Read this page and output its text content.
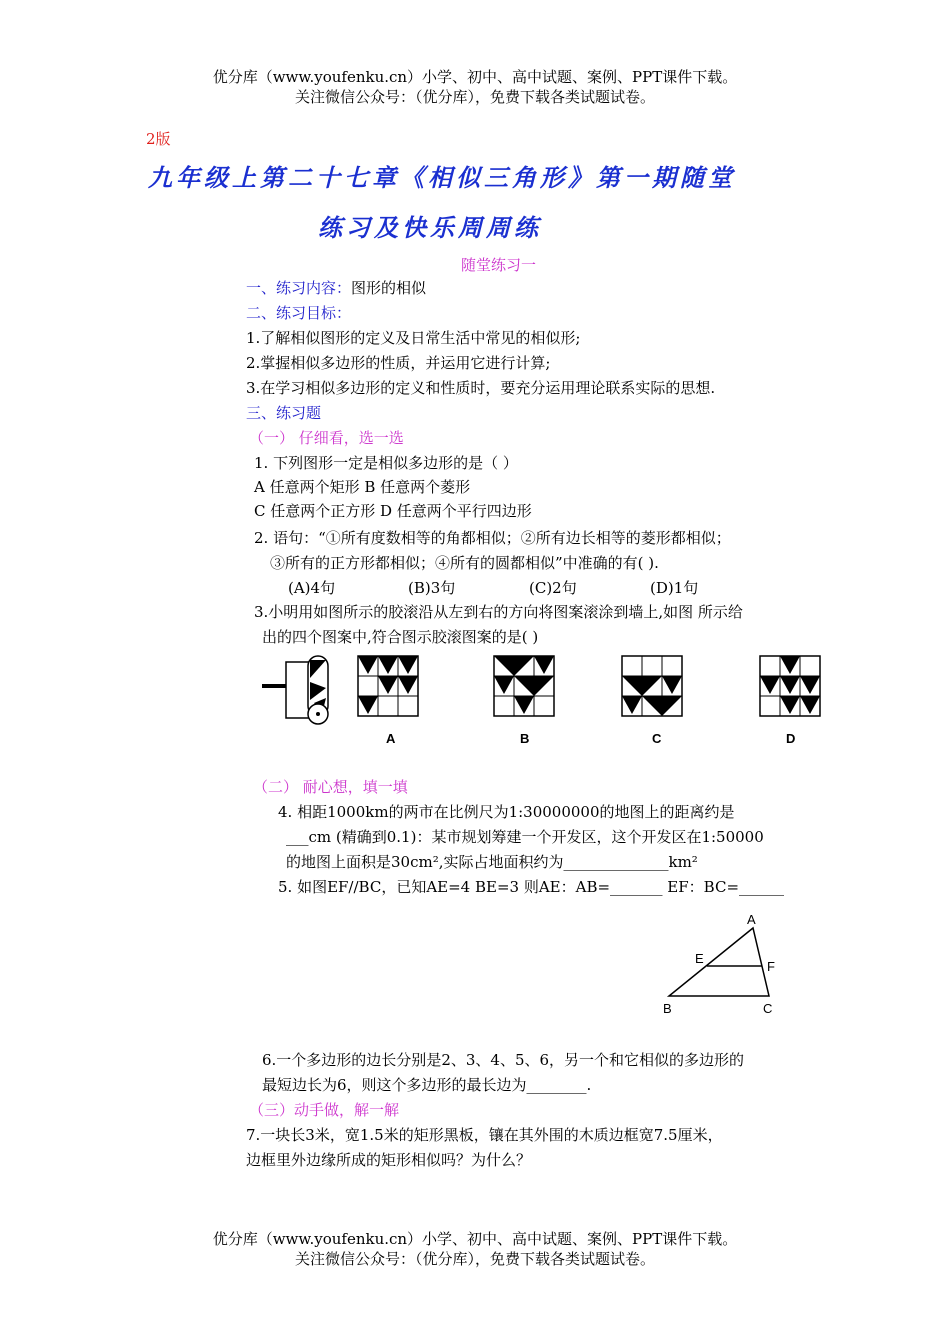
优分库（www.youfenku.cn）小学、初中、高中试题、案例、PPT课件下载。
关注微信公众号：（优分库），免费下载各类试题试卷。
2版
九年级上第二十七章《相似三角形》第一期随堂
练习及快乐周周练
随堂练习一
一、练习内容：图形的相似
二、练习目标：
1.了解相似图形的定义及日常生活中常见的相似形;
2.掌握相似多边形的性质，并运用它进行计算;
3.在学习相似多边形的定义和性质时，要充分运用理论联系实际的思想.
三、练习题
（一） 仔细看，选一选
1. 下列图形一定是相似多边形的是（ ）
A 任意两个矩形 B 任意两个菱形
C 任意两个正方形 D 任意两个平行四边形
2. 语句：“①所有度数相等的角都相似；②所有边长相等的菱形都相似；
③所有的正方形都相似；④所有的圆都相似”中准确的有( ).
(A)4句	(B)3句	(C)2句	(D)1句
3.小明用如图所示的胶滚沿从左到右的方向将图案滚涂到墙上,如图 所示给
出的四个图案中,符合图示胶滚图案的是( )
A	B	C	D
（二） 耐心想，填一填
4. 相距1000km的两市在比例尺为1:30000000的地图上的距离约是
___cm (精确到0.1)：某市规划筹建一个开发区，这个开发区在1:50000
的地图上面积是30cm²,实际占地面积约为______________km²
5. 如图EF//BC，已知AE=4 BE=3 则AE：AB=_______ EF：BC=______
A
E
F
B	C
6.一个多边形的边长分别是2、3、4、5、6，另一个和它相似的多边形的
最短边长为6，则这个多边形的最长边为________.
（三）动手做，解一解
7.一块长3米，宽1.5米的矩形黑板，镶在其外围的木质边框宽7.5厘米，
边框里外边缘所成的矩形相似吗？为什么？
优分库（www.youfenku.cn）小学、初中、高中试题、案例、PPT课件下载。
关注微信公众号：（优分库），免费下载各类试题试卷。
